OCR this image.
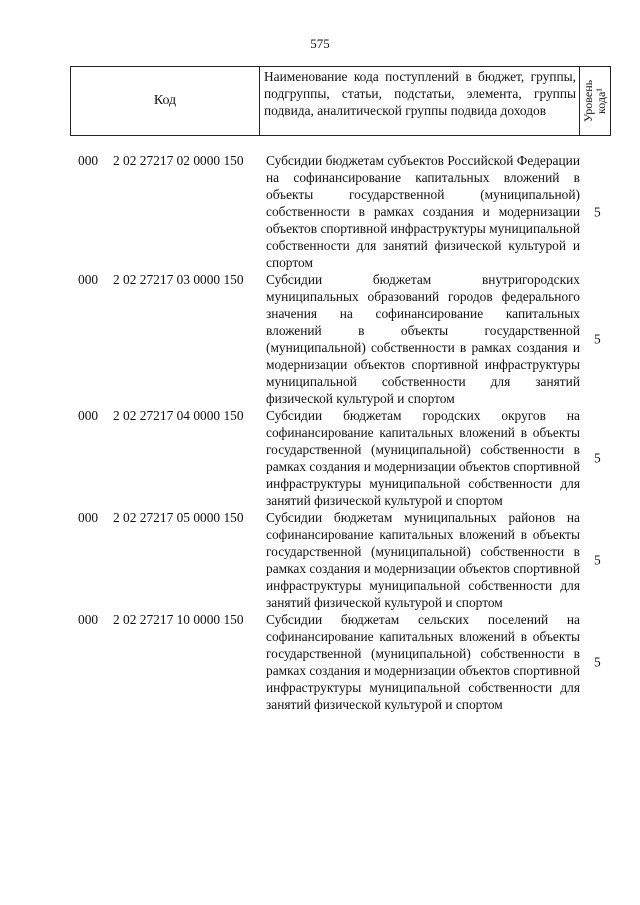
575
Код
Наименование кода поступлений в бюджет, группы, подгруппы, статьи, подстатьи, элемента, группы подвида, аналитической группы подвида доходов	Уровень кода¹
000 2 02 27217 02 0000 150 Субсидии бюджетам субъектов Российской Федерации на софинансирование капитальных вложений в объекты государственной (муниципальной) собственности в рамках создания и модернизации объектов спортивной инфраструктуры муниципальной собственности для занятий физической культурой и спортом
5
000 2 02 27217 03 0000 150 Субсидии бюджетам внутригородских муниципальных образований городов федерального значения на софинансирование капитальных вложений в объекты государственной (муниципальной) собственности в рамках создания и модернизации объектов спортивной инфраструктуры муниципальной собственности для занятий физической культурой и спортом
5
000 2 02 27217 04 0000 150 Субсидии бюджетам городских округов на софинансирование капитальных вложений в объекты государственной (муниципальной) собственности в рамках создания и модернизации объектов спортивной инфраструктуры муниципальной собственности для занятий физической культурой и спортом
5
000 2 02 27217 05 0000 150 Субсидии бюджетам муниципальных районов на софинансирование капитальных вложений в объекты государственной (муниципальной) собственности в рамках создания и модернизации объектов спортивной инфраструктуры муниципальной собственности для занятий физической культурой и спортом
5
000 2 02 27217 10 0000 150 Субсидии бюджетам сельских поселений на софинансирование капитальных вложений в объекты государственной (муниципальной) собственности в рамках создания и модернизации объектов спортивной инфраструктуры муниципальной собственности для занятий физической культурой и спортом
5
